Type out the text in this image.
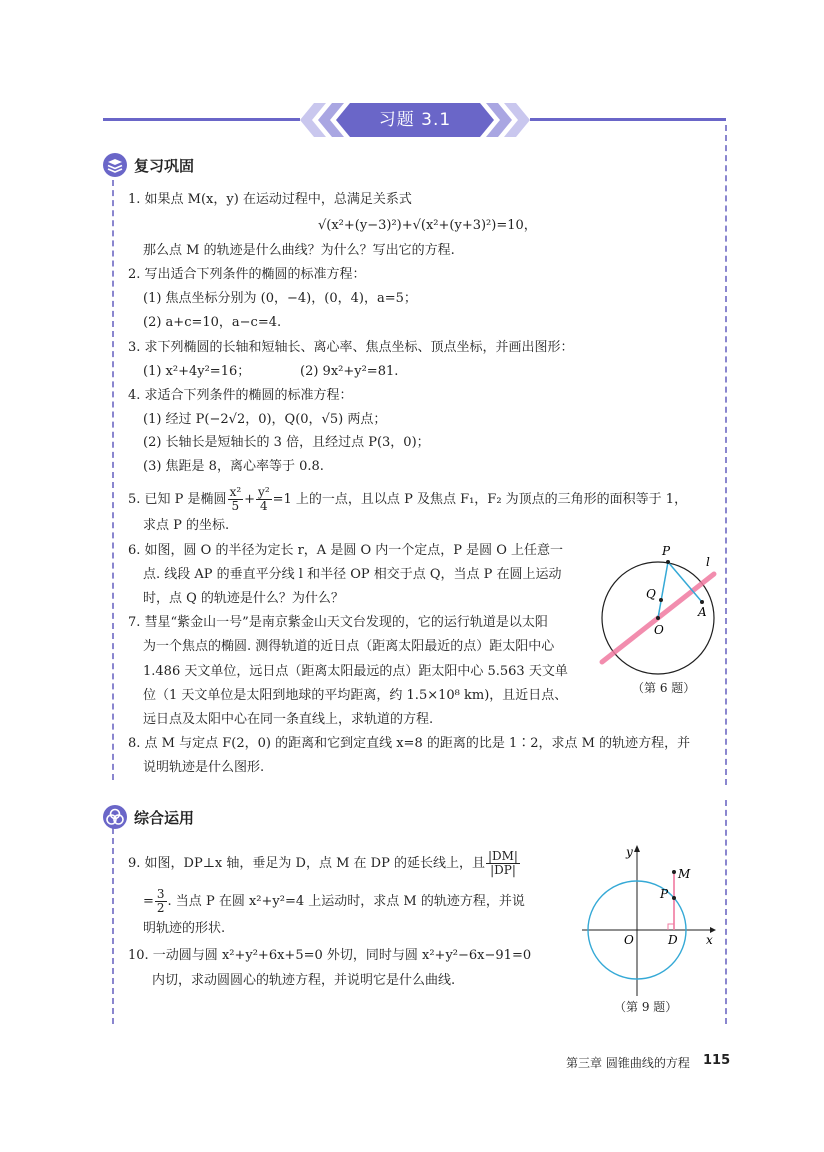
习题 3.1
复习巩固
1. 如果点 M(x，y) 在运动过程中，总满足关系式
√(x²+(y−3)²)+√(x²+(y+3)²)=10，
那么点 M 的轨迹是什么曲线？为什么？写出它的方程.
2. 写出适合下列条件的椭圆的标准方程：
(1) 焦点坐标分别为 (0，−4)，(0，4)，a=5；
(2) a+c=10，a−c=4.
3. 求下列椭圆的长轴和短轴长、离心率、焦点坐标、顶点坐标，并画出图形：
(1) x²+4y²=16；	(2) 9x²+y²=81.
4. 求适合下列条件的椭圆的标准方程：
(1) 经过 P(−2√2，0)，Q(0，√5) 两点；
(2) 长轴长是短轴长的 3 倍，且经过点 P(3，0)；
(3) 焦距是 8，离心率等于 0.8.
5. 已知 P 是椭圆 $\frac{\text{x²}}{5} + \frac{\text{y²}}{4} =1$ 上的一点，且以点 P 及焦点 F₁，F₂ 为顶点的三角形的面积等于 1，
求点 P 的坐标.
6. 如图，圆 O 的半径为定长 r，A 是圆 O 内一个定点，P 是圆 O 上任意一
点. 线段 AP 的垂直平分线 l 和半径 OP 相交于点 Q，当点 P 在圆上运动
时，点 Q 的轨迹是什么？为什么？
P
l
Q
A
O
（第 6 题）
7. 彗星“紫金山一号”是南京紫金山天文台发现的，它的运行轨道是以太阳
为一个焦点的椭圆. 测得轨道的近日点（距离太阳最近的点）距太阳中心
1.486 天文单位，远日点（距离太阳最远的点）距太阳中心 5.563 天文单
位（1 天文单位是太阳到地球的平均距离，约 1.5×10⁸ km)，且近日点、
远日点及太阳中心在同一条直线上，求轨道的方程.
8. 点 M 与定点 F(2，0) 的距离和它到定直线 x=8 的距离的比是 1∶2，求点 M 的轨迹方程，并
说明轨迹是什么图形.
综合运用
9. 如图，DP⊥x 轴，垂足为 D，点 M 在 DP 的延长线上，且 $\frac{|DM|}{|DP|}$
= $\frac{3}{2}$ . 当点 P 在圆 x²+y²=4 上运动时，求点 M 的轨迹方程，并说
明轨迹的形状.
10. 一动圆与圆 x²+y²+6x+5=0 外切，同时与圆 x²+y²−6x−91=0
内切，求动圆圆心的轨迹方程，并说明它是什么曲线.
y
M
P
O	D x
（第 9 题）
第三章 圆锥曲线的方程 115
